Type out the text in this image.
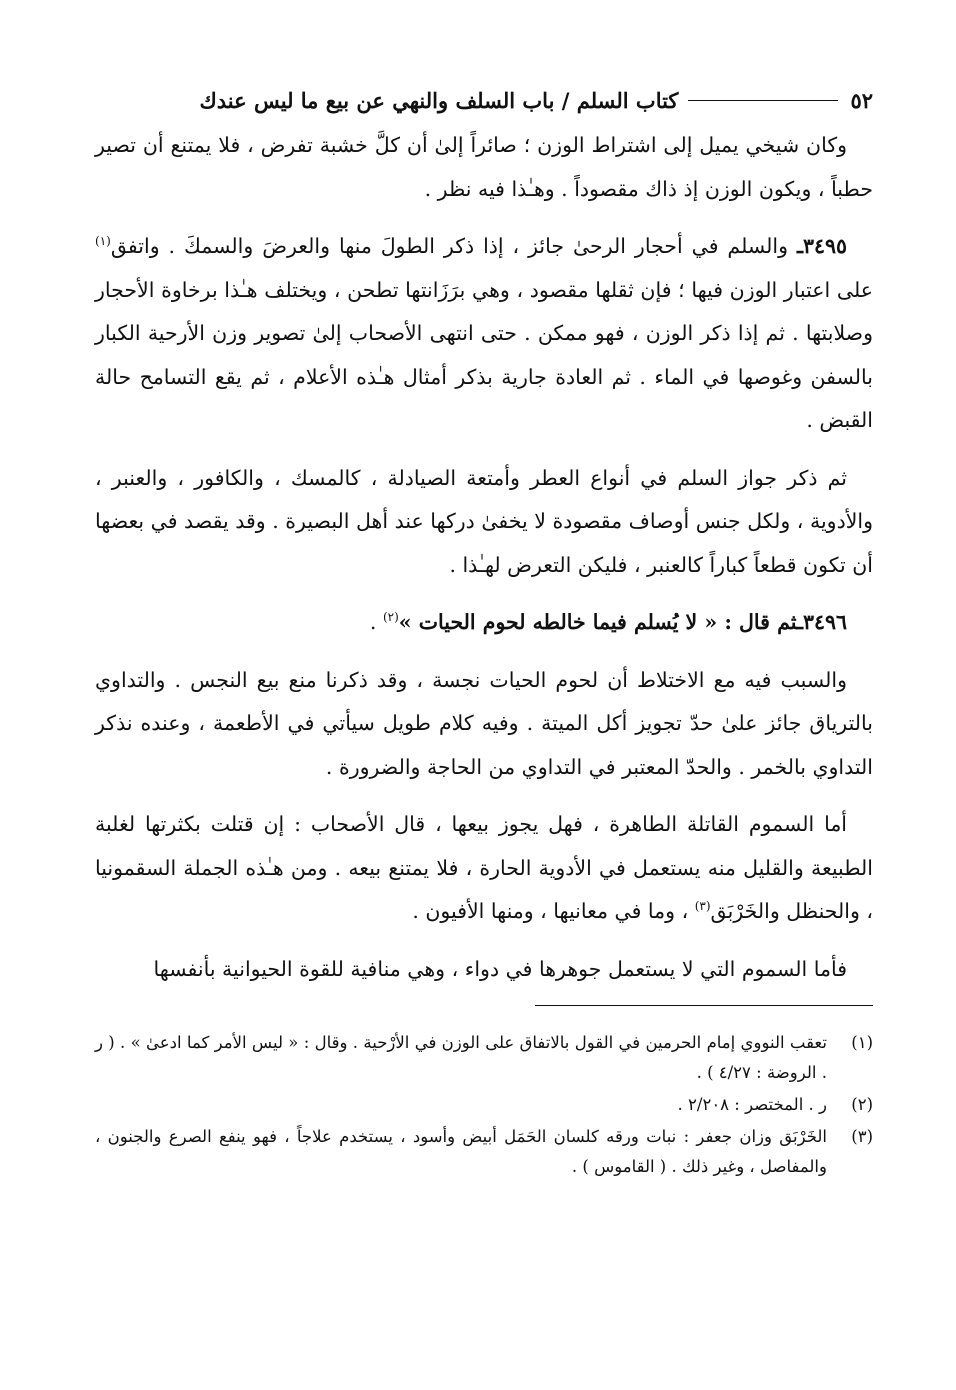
٥٢
كتاب السلم / باب السلف والنهي عن بيع ما ليس عندك

وكان شيخي يميل إلى اشتراط الوزن ؛ صائراً إلىٰ أن كلَّ خشبة تفرض ، فلا يمتنع أن تصير حطباً ، ويكون الوزن إذ ذاك مقصوداً . وهـٰذا فيه نظر .

٣٤٩٥ـ والسلم في أحجار الرحىٰ جائز ، إذا ذكر الطولَ منها والعرضَ والسمكَ . واتفق$^{(١)}$ على اعتبار الوزن فيها ؛ فإن ثقلها مقصود ، وهي برَزَانتها تطحن ، ويختلف هـٰذا برخاوة الأحجار وصلابتها . ثم إذا ذكر الوزن ، فهو ممكن . حتى انتهى الأصحاب إلىٰ تصوير وزن الأرحية الكبار بالسفن وغوصها في الماء . ثم العادة جارية بذكر أمثال هـٰذه الأعلام ، ثم يقع التسامح حالة القبض .

ثم ذكر جواز السلم في أنواع العطر وأمتعة الصيادلة ، كالمسك ، والكافور ، والعنبر ، والأدوية ، ولكل جنس أوصاف مقصودة لا يخفىٰ دركها عند أهل البصيرة . وقد يقصد في بعضها أن تكون قطعاً كباراً كالعنبر ، فليكن التعرض لهـٰذا .

٣٤٩٦ـثم قال : « لا يُسلم فيما خالطه لحوم الحيات »$^{(٢)}$ .

والسبب فيه مع الاختلاط أن لحوم الحيات نجسة ، وقد ذكرنا منع بيع النجس . والتداوي بالترياق جائز علىٰ حدّ تجويز أكل الميتة . وفيه كلام طويل سيأتي في الأطعمة ، وعنده نذكر التداوي بالخمر . والحدّ المعتبر في التداوي من الحاجة والضرورة .

أما السموم القاتلة الطاهرة ، فهل يجوز بيعها ، قال الأصحاب : إن قتلت بكثرتها لغلبة الطبيعة والقليل منه يستعمل في الأدوية الحارة ، فلا يمتنع بيعه . ومن هـٰذه الجملة السقمونيا ، والحنظل والخَرْبَق$^{(٣)}$ ، وما في معانيها ، ومنها الأفيون .

فأما السموم التي لا يستعمل جوهرها في دواء ، وهي منافية للقوة الحيوانية بأنفسها

(١)
تعقب النووي إمام الحرمين في القول بالاتفاق على الوزن في الأرْحية . وقال : « ليس الأمر كما ادعىٰ » . ( ر . الروضة : ٤/٢٧ ) .
(٢)
ر . المختصر : ٢/٢٠٨ .
(٣)
الخَرْبَق وزان جعفر : نبات ورقه كلسان الحَمَل أبيض وأسود ، يستخدم علاجاً ، فهو ينفع الصرع والجنون ، والمفاصل ، وغير ذلك . ( القاموس ) .
